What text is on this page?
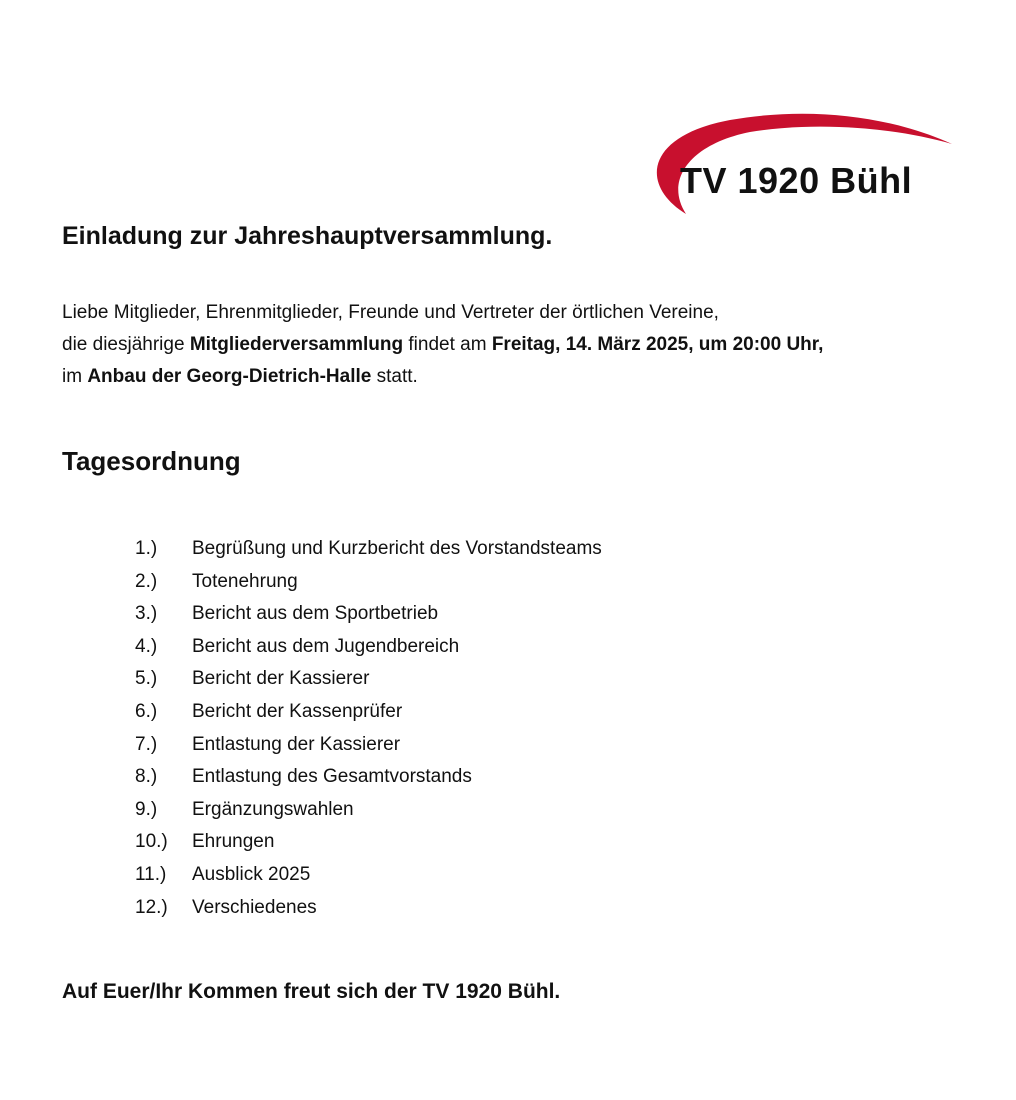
TV 1920 Bühl
Einladung zur Jahreshauptversammlung.

Liebe Mitglieder, Ehrenmitglieder, Freunde und Vertreter der örtlichen Vereine,

die diesjährige Mitgliederversammlung findet am Freitag, 14. März 2025, um 20:00 Uhr,

im Anbau der Georg-Dietrich-Halle statt.

Tagesordnung
1.)	Begrüßung und Kurzbericht des Vorstandsteams
2.)	Totenehrung
3.)	Bericht aus dem Sportbetrieb
4.)	Bericht aus dem Jugendbereich
5.)	Bericht der Kassierer
6.)	Bericht der Kassenprüfer
7.)	Entlastung der Kassierer
8.)	Entlastung des Gesamtvorstands
9.)	Ergänzungswahlen
10.)	Ehrungen
11.)	Ausblick 2025
12.)	Verschiedenes

Auf Euer/Ihr Kommen freut sich der TV 1920 Bühl.
